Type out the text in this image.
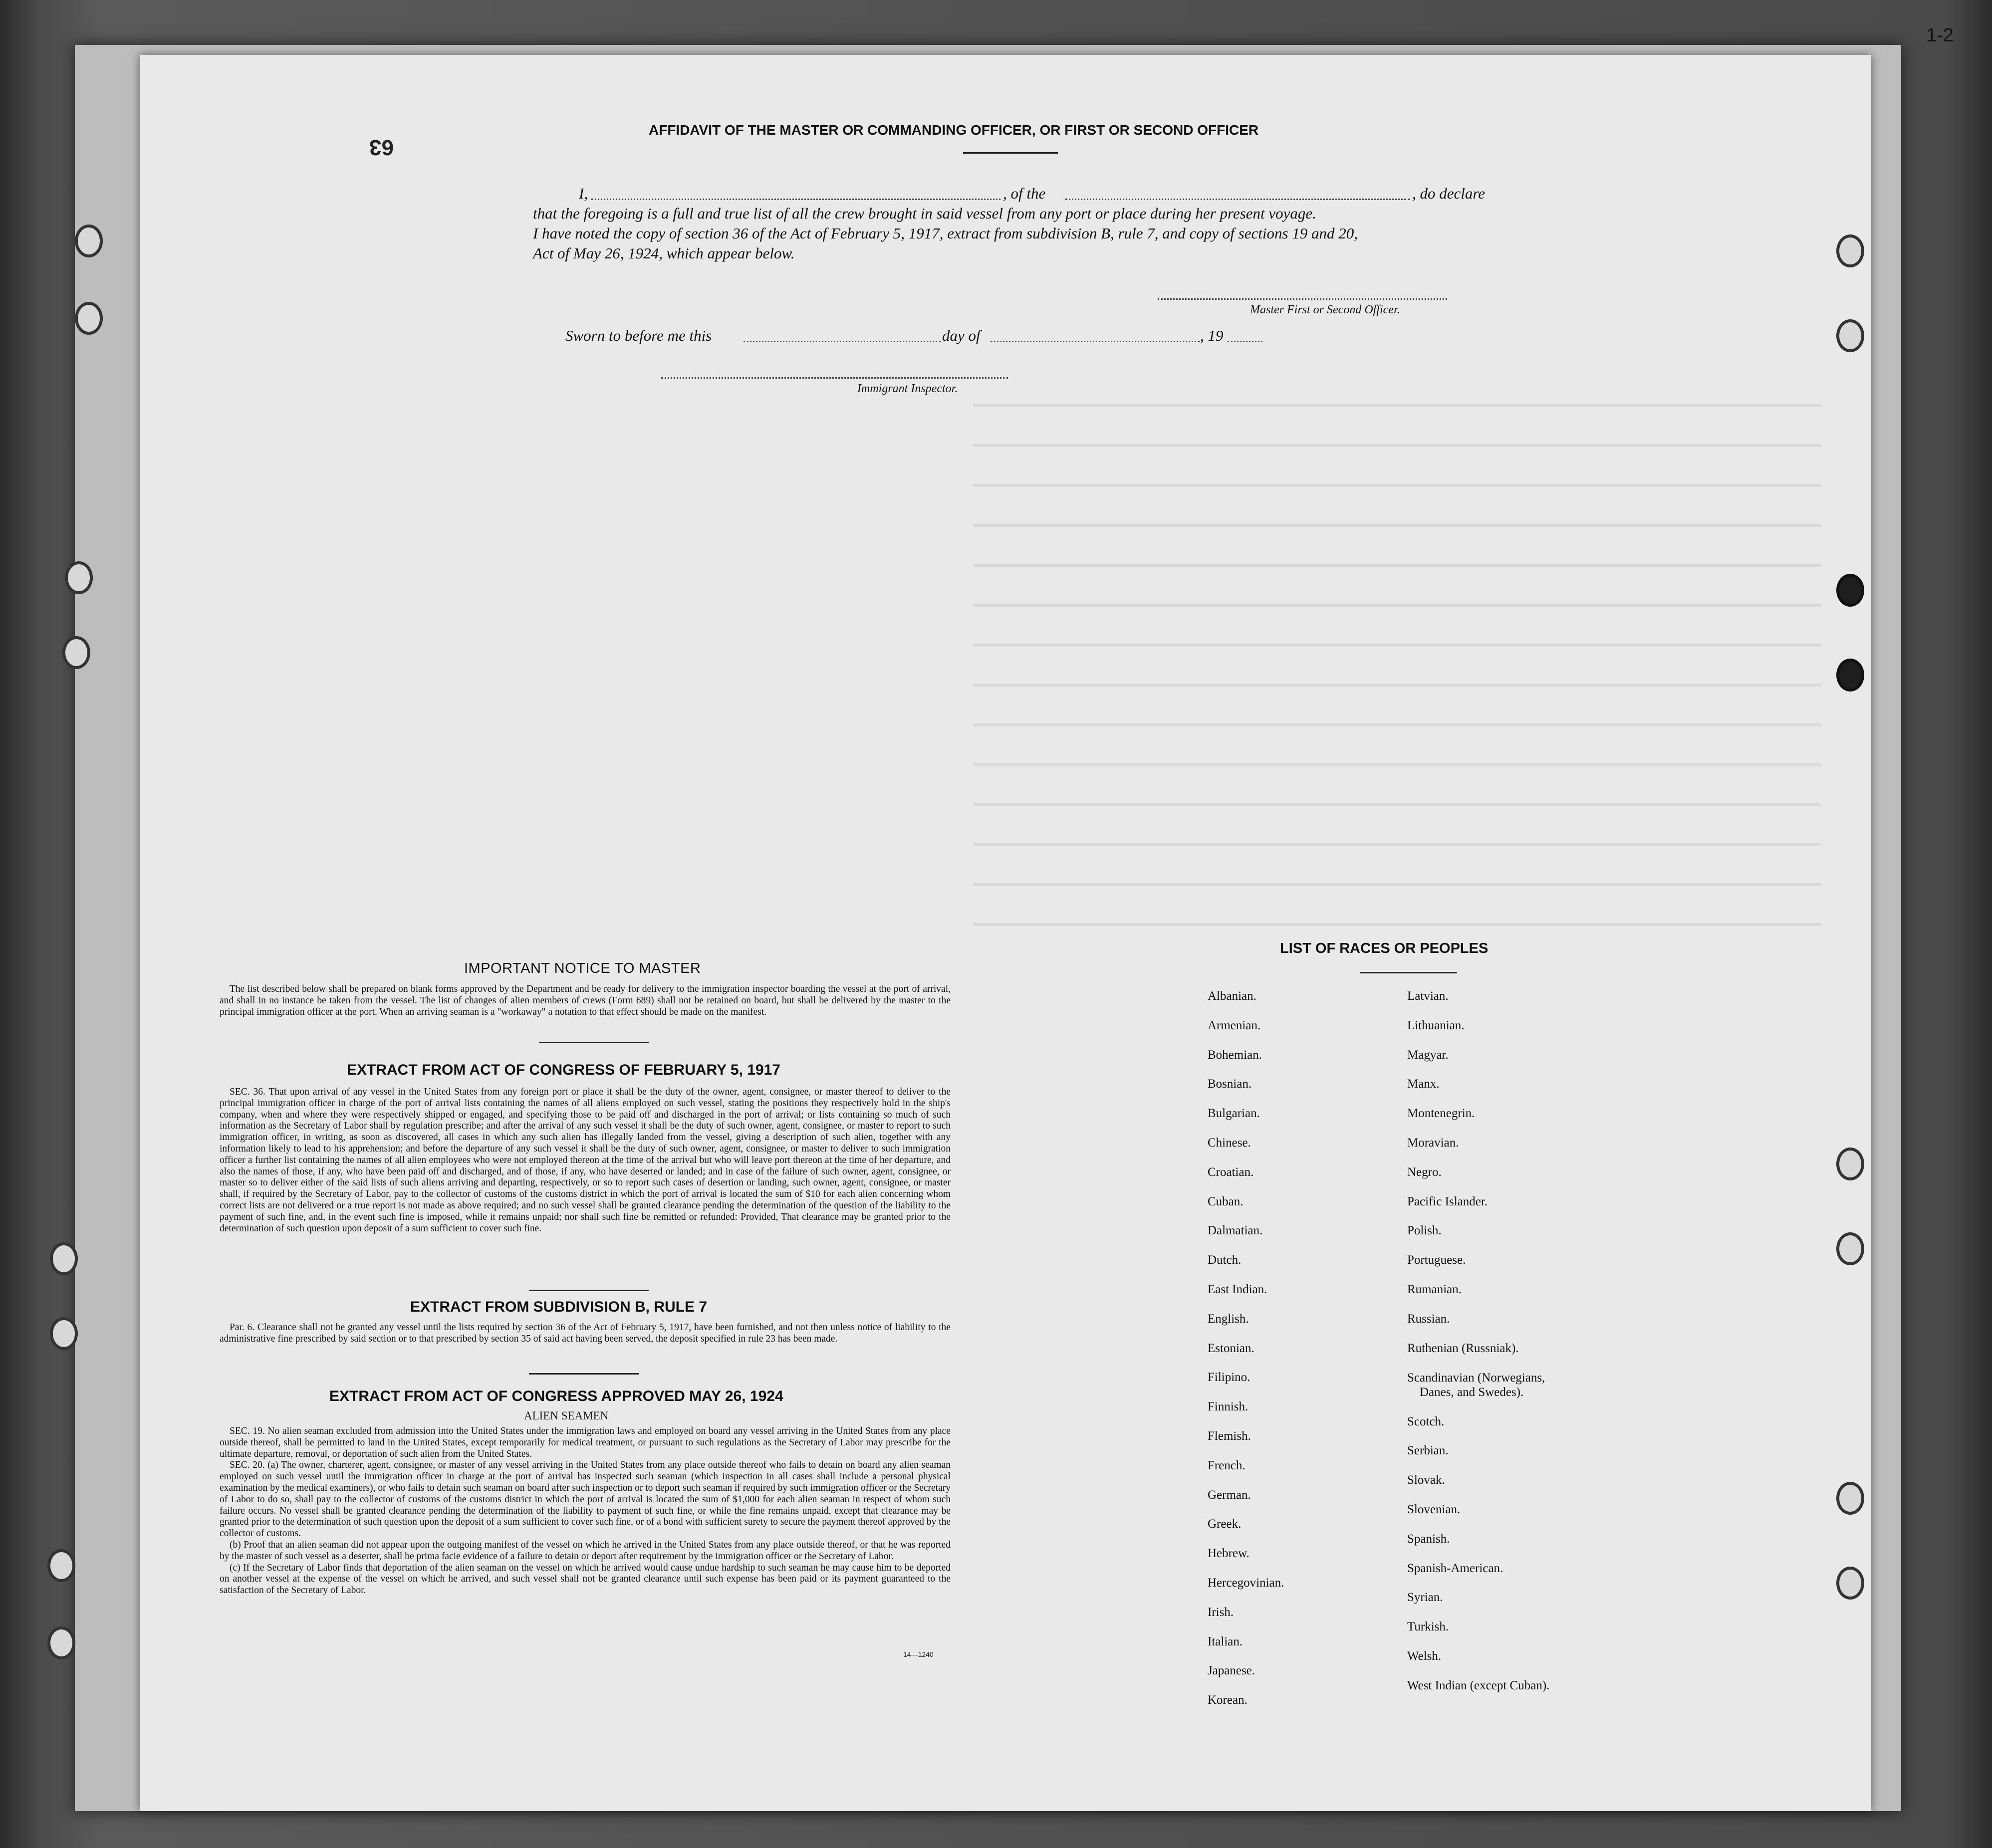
1-2
63
AFFIDAVIT OF THE MASTER OR COMMANDING OFFICER, OR FIRST OR SECOND OFFICER
I,	, of the	, do declare
that the foregoing is a full and true list of all the crew brought in said vessel from any port or place during her present voyage.
I have noted the copy of section 36 of the Act of February 5, 1917, extract from subdivision B, rule 7, and copy of sections 19 and 20,
Act of May 26, 1924, which appear below.
Master First or Second Officer.
Sworn to before me this	day of	, 19
Immigrant Inspector.
IMPORTANT NOTICE TO MASTER
The list described below shall be prepared on blank forms approved by the Department and be ready for delivery to the immigration inspector boarding the vessel at the port of arrival, and shall in no instance be taken from the vessel. The list of changes of alien members of crews (Form 689) shall not be retained on board, but shall be delivered by the master to the principal immigration officer at the port. When an arriving seaman is a "workaway" a notation to that effect should be made on the manifest.
EXTRACT FROM ACT OF CONGRESS OF FEBRUARY 5, 1917
SEC. 36. That upon arrival of any vessel in the United States from any foreign port or place it shall be the duty of the owner, agent, consignee, or master thereof to deliver to the principal immigration officer in charge of the port of arrival lists containing the names of all aliens employed on such vessel, stating the positions they respectively hold in the ship's company, when and where they were respectively shipped or engaged, and specifying those to be paid off and discharged in the port of arrival; or lists containing so much of such information as the Secretary of Labor shall by regulation prescribe; and after the arrival of any such vessel it shall be the duty of such owner, agent, consignee, or master to report to such immigration officer, in writing, as soon as discovered, all cases in which any such alien has illegally landed from the vessel, giving a description of such alien, together with any information likely to lead to his apprehension; and before the departure of any such vessel it shall be the duty of such owner, agent, consignee, or master to deliver to such immigration officer a further list containing the names of all alien employees who were not employed thereon at the time of the arrival but who will leave port thereon at the time of her departure, and also the names of those, if any, who have been paid off and discharged, and of those, if any, who have deserted or landed; and in case of the failure of such owner, agent, consignee, or master so to deliver either of the said lists of such aliens arriving and departing, respectively, or so to report such cases of desertion or landing, such owner, agent, consignee, or master shall, if required by the Secretary of Labor, pay to the collector of customs of the customs district in which the port of arrival is located the sum of $10 for each alien concerning whom correct lists are not delivered or a true report is not made as above required; and no such vessel shall be granted clearance pending the determination of the question of the liability to the payment of such fine, and, in the event such fine is imposed, while it remains unpaid; nor shall such fine be remitted or refunded: Provided, That clearance may be granted prior to the determination of such question upon deposit of a sum sufficient to cover such fine.
EXTRACT FROM SUBDIVISION B, RULE 7
Par. 6. Clearance shall not be granted any vessel until the lists required by section 36 of the Act of February 5, 1917, have been furnished, and not then unless notice of liability to the administrative fine prescribed by said section or to that prescribed by section 35 of said act having been served, the deposit specified in rule 23 has been made.
EXTRACT FROM ACT OF CONGRESS APPROVED MAY 26, 1924
ALIEN SEAMEN

SEC. 19. No alien seaman excluded from admission into the United States under the immigration laws and employed on board any vessel arriving in the United States from any place outside thereof, shall be permitted to land in the United States, except temporarily for medical treatment, or pursuant to such regulations as the Secretary of Labor may prescribe for the ultimate departure, removal, or deportation of such alien from the United States.

SEC. 20. (a) The owner, charterer, agent, consignee, or master of any vessel arriving in the United States from any place outside thereof who fails to detain on board any alien seaman employed on such vessel until the immigration officer in charge at the port of arrival has inspected such seaman (which inspection in all cases shall include a personal physical examination by the medical examiners), or who fails to detain such seaman on board after such inspection or to deport such seaman if required by such immigration officer or the Secretary of Labor to do so, shall pay to the collector of customs of the customs district in which the port of arrival is located the sum of $1,000 for each alien seaman in respect of whom such failure occurs. No vessel shall be granted clearance pending the determination of the liability to payment of such fine, or while the fine remains unpaid, except that clearance may be granted prior to the determination of such question upon the deposit of a sum sufficient to cover such fine, or of a bond with sufficient surety to secure the payment thereof approved by the collector of customs.

(b) Proof that an alien seaman did not appear upon the outgoing manifest of the vessel on which he arrived in the United States from any place outside thereof, or that he was reported by the master of such vessel as a deserter, shall be prima facie evidence of a failure to detain or deport after requirement by the immigration officer or the Secretary of Labor.

(c) If the Secretary of Labor finds that deportation of the alien seaman on the vessel on which he arrived would cause undue hardship to such seaman he may cause him to be deported on another vessel at the expense of the vessel on which he arrived, and such vessel shall not be granted clearance until such expense has been paid or its payment guaranteed to the satisfaction of the Secretary of Labor.

14—1240
LIST OF RACES OR PEOPLES
Albanian.
Armenian.
Bohemian.
Bosnian.
Bulgarian.
Chinese.
Croatian.
Cuban.
Dalmatian.
Dutch.
East Indian.
English.
Estonian.
Filipino.
Finnish.
Flemish.
French.
German.
Greek.
Hebrew.
Hercegovinian.
Irish.
Italian.
Japanese.
Korean.
Latvian.
Lithuanian.
Magyar.
Manx.
Montenegrin.
Moravian.
Negro.
Pacific Islander.
Polish.
Portuguese.
Rumanian.
Russian.
Ruthenian (Russniak).
Scandinavian (Norwegians,
Danes, and Swedes).
Scotch.
Serbian.
Slovak.
Slovenian.
Spanish.
Spanish-American.
Syrian.
Turkish.
Welsh.
West Indian (except Cuban).
